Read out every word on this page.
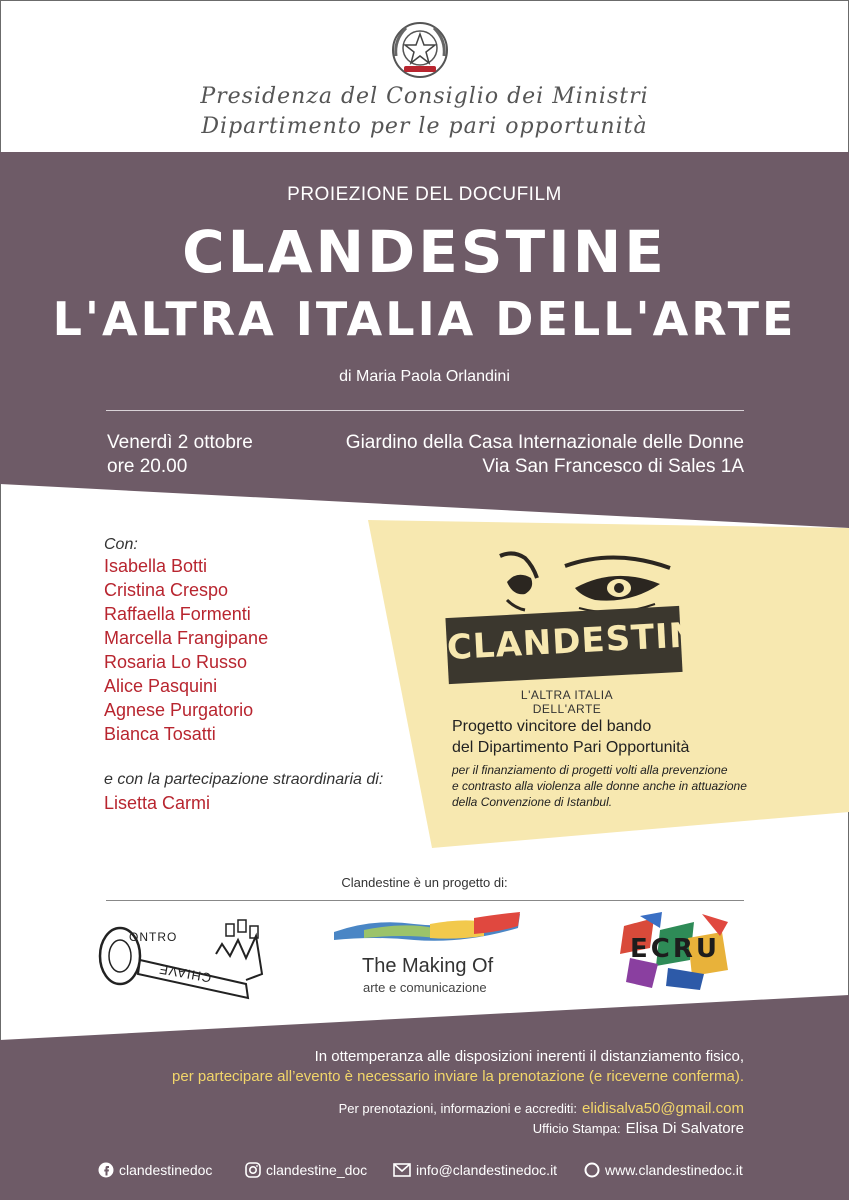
Presidenza del Consiglio dei Ministri
Dipartimento per le pari opportunità
PROIEZIONE DEL DOCUFILM
CLANDESTINE
L'ALTRA ITALIA DELL'ARTE
di Maria Paola Orlandini
Venerdì 2 ottobre
ore 20.00
Giardino della Casa Internazionale delle Donne
Via San Francesco di Sales 1A
Con:
Isabella Botti
Cristina Crespo
Raffaella Formenti
Marcella Frangipane
Rosaria Lo Russo
Alice Pasquini
Agnese Purgatorio
Bianca Tosatti
e con la partecipazione straordinaria di:
Lisetta Carmi
CLANDESTINE
L'ALTRA ITALIA DELL'ARTE
Progetto vincitore del bando
del Dipartimento Pari Opportunità
per il finanziamento di progetti volti alla prevenzione
e contrasto alla violenza alle donne anche in attuazione
della Convenzione di Istanbul.
Clandestine è un progetto di:
ONTRO
CHIAVE	The Making Of
arte e comunicazione
ECRU
In ottemperanza alle disposizioni inerenti il distanziamento fisico,
per partecipare all’evento è necessario inviare la prenotazione (e riceverne conferma).
Per prenotazioni, informazioni e accrediti: elidisalva50@gmail.com
Ufficio Stampa: Elisa Di Salvatore
clandestinedoc	clandestine_doc	info@clandestinedoc.it	www.clandestinedoc.it
